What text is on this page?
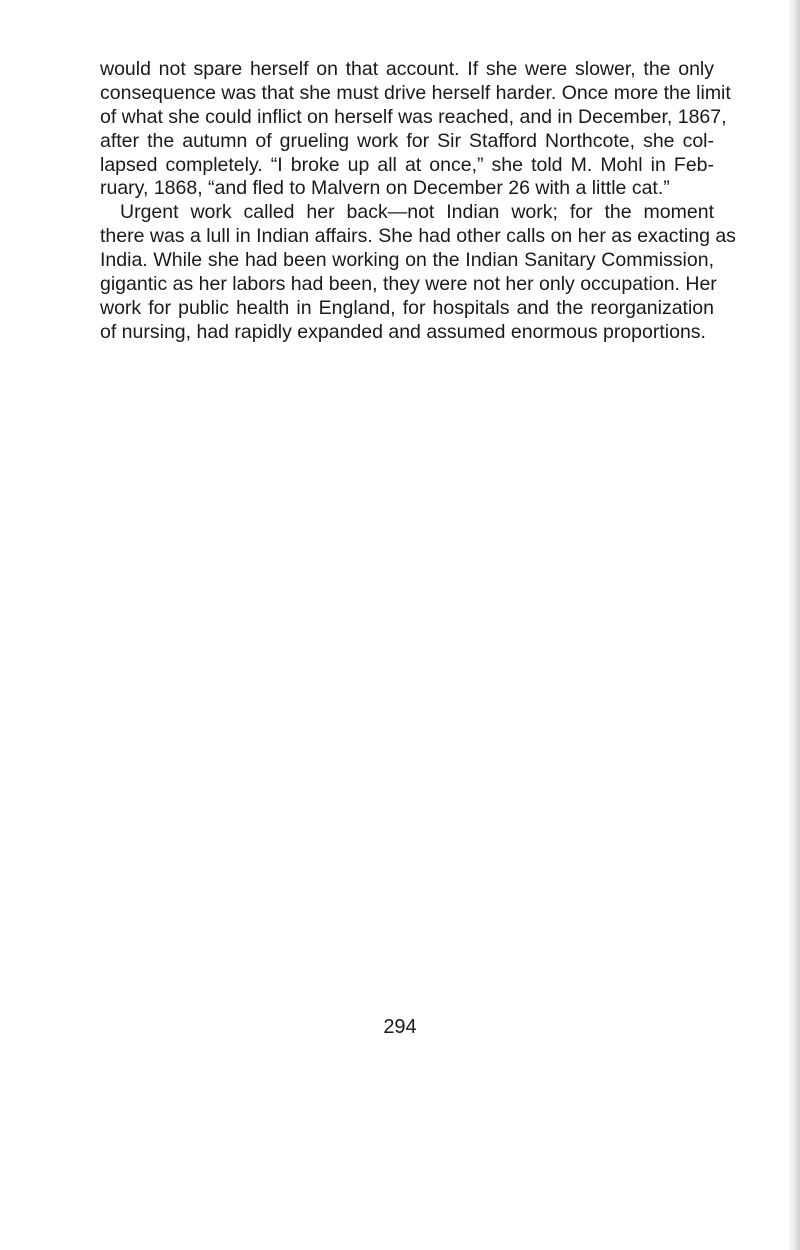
would not spare herself on that account. If she were slower, the only
consequence was that she must drive herself harder. Once more the limit
of what she could inflict on herself was reached, and in December, 1867,
after the autumn of grueling work for Sir Stafford Northcote, she col-
lapsed completely. “I broke up all at once,” she told M. Mohl in Feb-
ruary, 1868, “and fled to Malvern on December 26 with a little cat.”
Urgent work called her back—not Indian work; for the moment
there was a lull in Indian affairs. She had other calls on her as exacting as
India. While she had been working on the Indian Sanitary Commission,
gigantic as her labors had been, they were not her only occupation. Her
work for public health in England, for hospitals and the reorganization
of nursing, had rapidly expanded and assumed enormous proportions.
294
